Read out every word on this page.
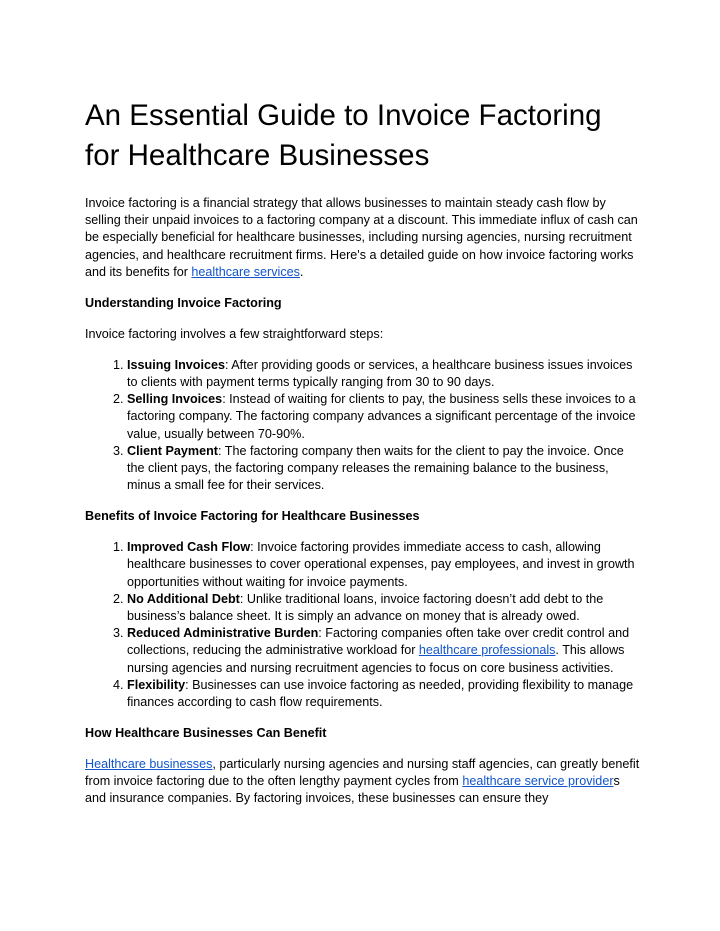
An Essential Guide to Invoice Factoring for Healthcare Businesses

Invoice factoring is a financial strategy that allows businesses to maintain steady cash flow by selling their unpaid invoices to a factoring company at a discount. This immediate influx of cash can be especially beneficial for healthcare businesses, including nursing agencies, nursing recruitment agencies, and healthcare recruitment firms. Here's a detailed guide on how invoice factoring works and its benefits for healthcare services.

Understanding Invoice Factoring

Invoice factoring involves a few straightforward steps:

1. Issuing Invoices: After providing goods or services, a healthcare business issues invoices to clients with payment terms typically ranging from 30 to 90 days.
2. Selling Invoices: Instead of waiting for clients to pay, the business sells these invoices to a factoring company. The factoring company advances a significant percentage of the invoice value, usually between 70-90%.
3. Client Payment: The factoring company then waits for the client to pay the invoice. Once the client pays, the factoring company releases the remaining balance to the business, minus a small fee for their services.

Benefits of Invoice Factoring for Healthcare Businesses

1. Improved Cash Flow: Invoice factoring provides immediate access to cash, allowing healthcare businesses to cover operational expenses, pay employees, and invest in growth opportunities without waiting for invoice payments.
2. No Additional Debt: Unlike traditional loans, invoice factoring doesn’t add debt to the business’s balance sheet. It is simply an advance on money that is already owed.
3. Reduced Administrative Burden: Factoring companies often take over credit control and collections, reducing the administrative workload for healthcare professionals. This allows nursing agencies and nursing recruitment agencies to focus on core business activities.
4. Flexibility: Businesses can use invoice factoring as needed, providing flexibility to manage finances according to cash flow requirements.

How Healthcare Businesses Can Benefit

Healthcare businesses, particularly nursing agencies and nursing staff agencies, can greatly benefit from invoice factoring due to the often lengthy payment cycles from healthcare service providers and insurance companies. By factoring invoices, these businesses can ensure they
